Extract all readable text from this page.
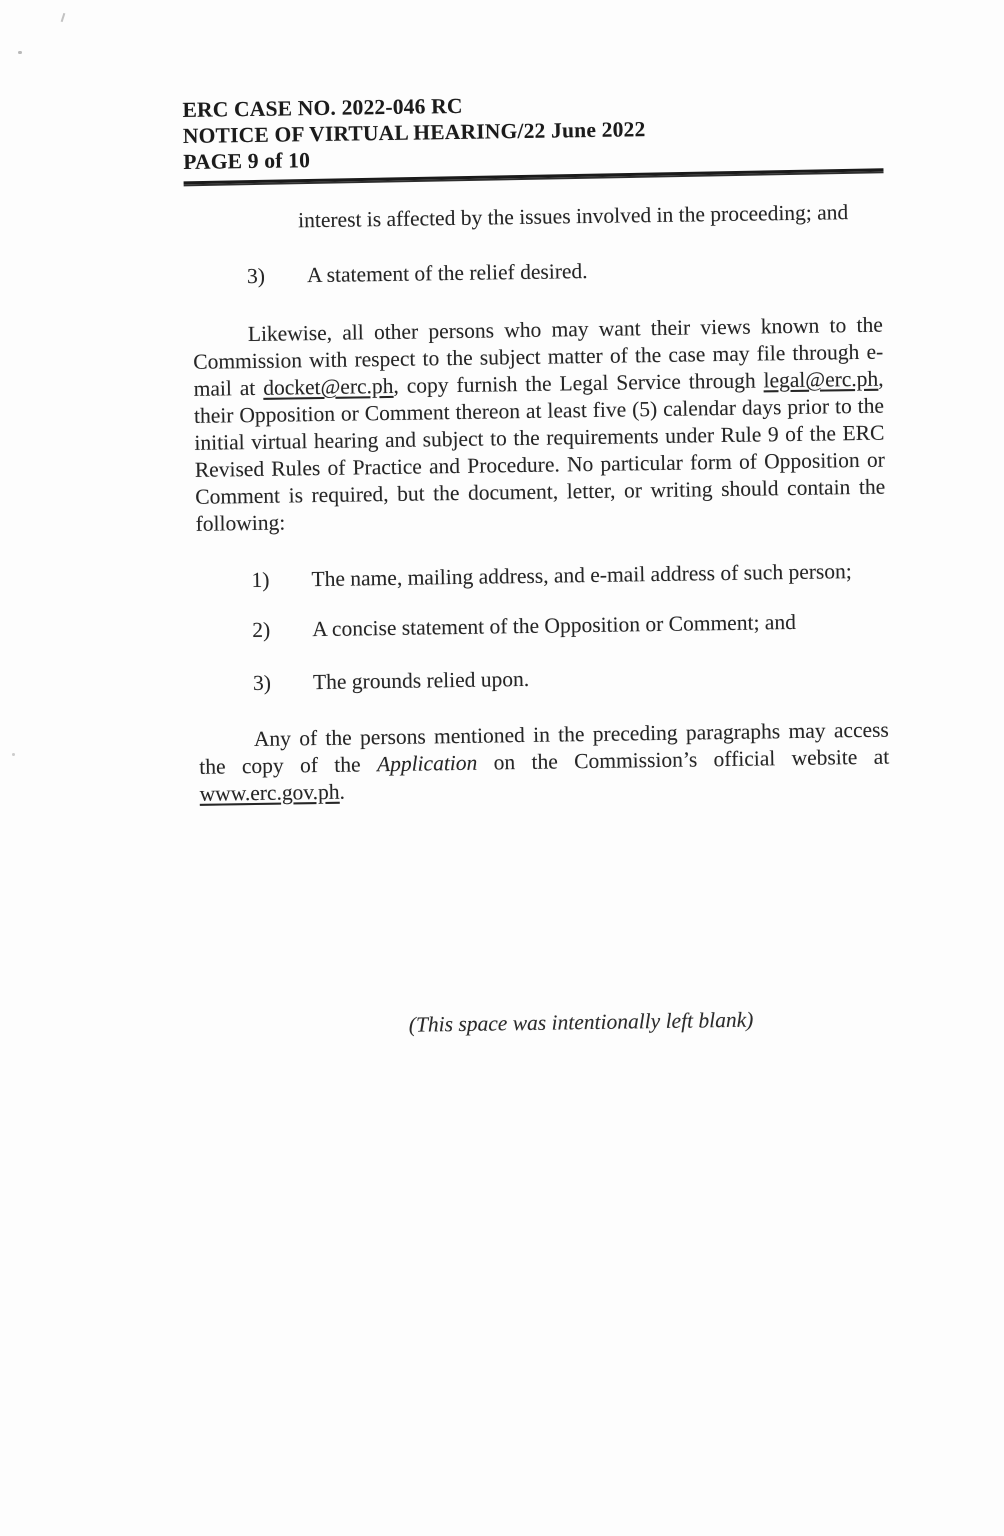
ERC CASE NO. 2022-046 RC
NOTICE OF VIRTUAL HEARING/22 June 2022
PAGE 9 of 10
interest is affected by the issues involved in the proceeding; and
3) A statement of the relief desired.

Likewise, all other persons who may want their views known to the Commission with respect to the subject matter of the case may file through e-mail at docket@erc.ph, copy furnish the Legal Service through legal@erc.ph, their Opposition or Comment thereon at least five (5) calendar days prior to the initial virtual hearing and subject to the requirements under Rule 9 of the ERC Revised Rules of Practice and Procedure. No particular form of Opposition or Comment is required, but the document, letter, or writing should contain the following:

1) The name, mailing address, and e-mail address of such person;
2) A concise statement of the Opposition or Comment; and
3) The grounds relied upon.

Any of the persons mentioned in the preceding paragraphs may access the copy of the Application on the Commission’s official website at www.erc.gov.ph.

(This space was intentionally left blank)
